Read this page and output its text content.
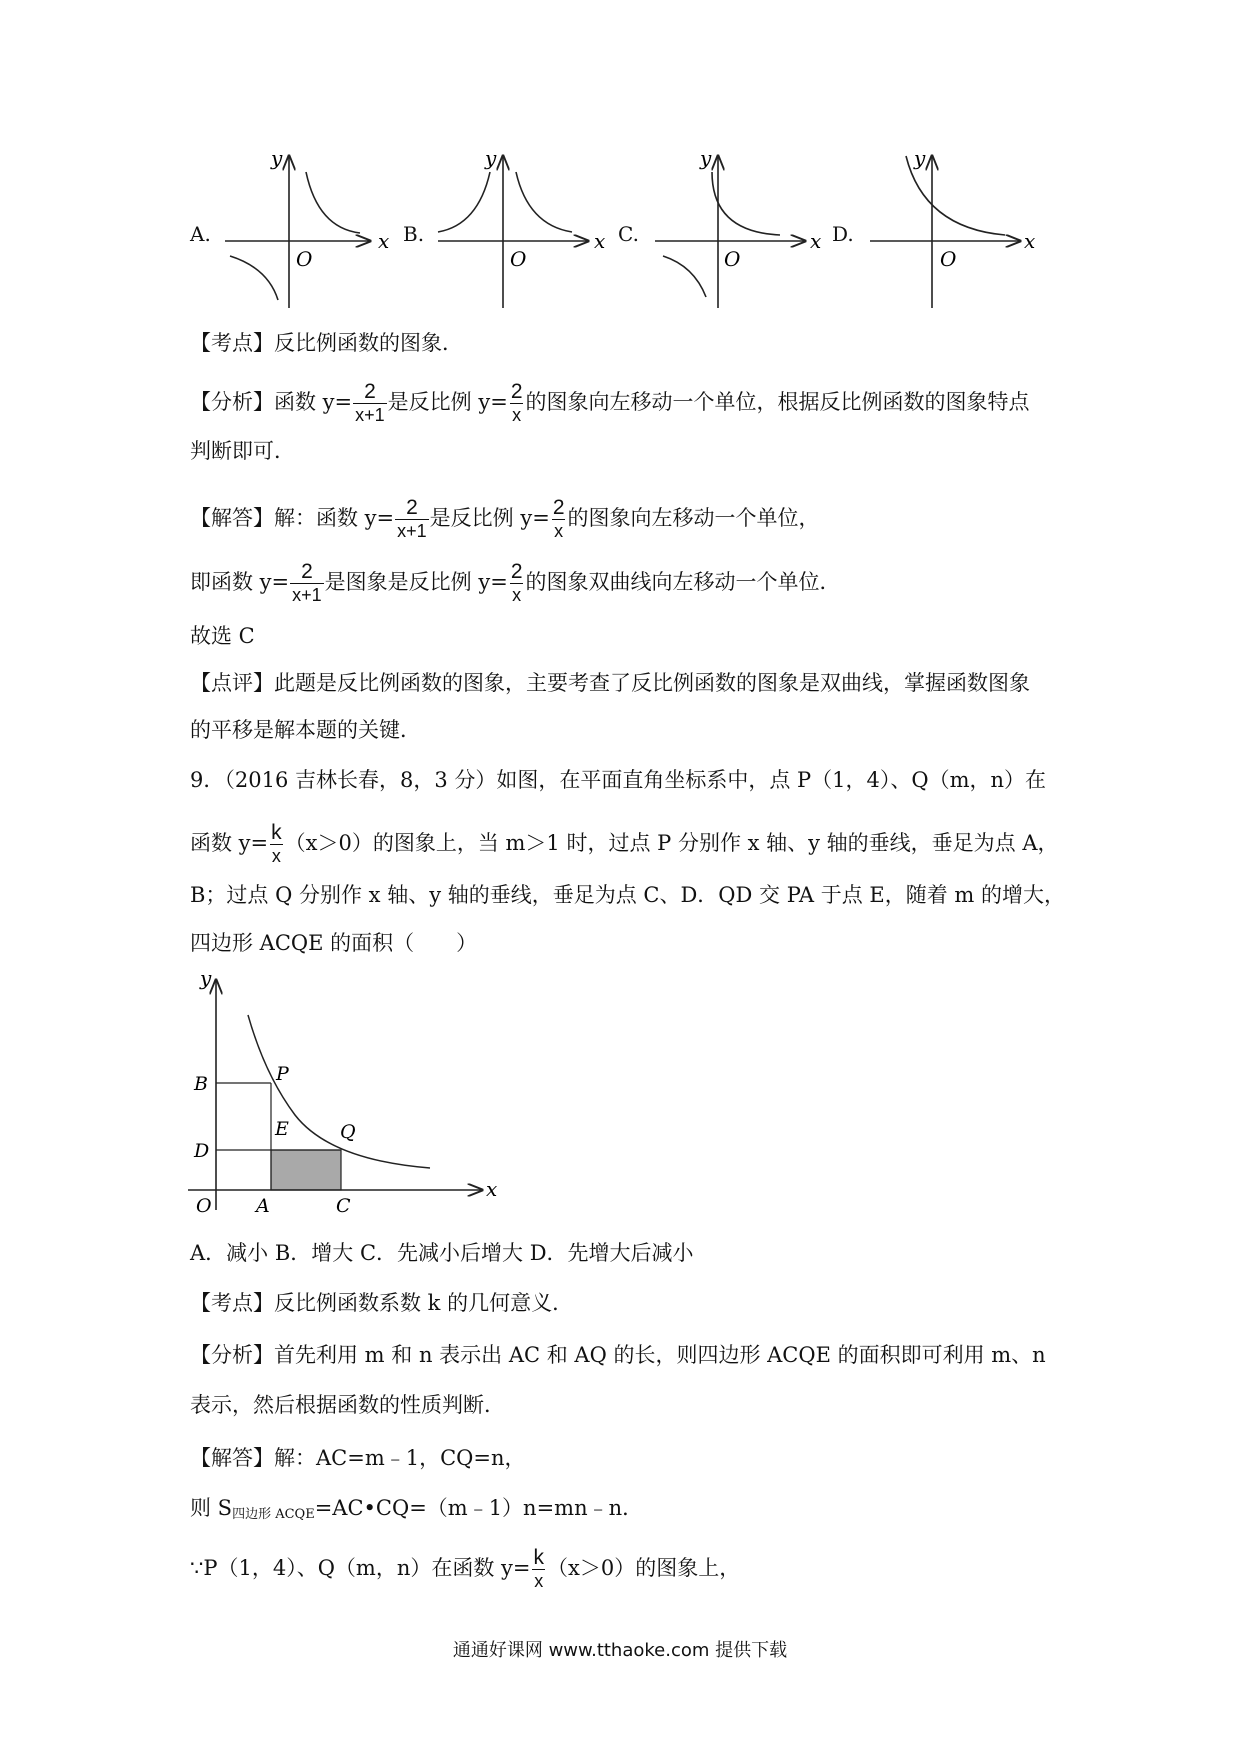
A.	B.	C.	D.
y
x
O
y
x
O
y
x
O
y
x
O
【考点】反比例函数的图象．
【分析】函数 $y= \frac{2}{x+1}$ 是反比例 $y= \frac{2}{x}$ 的图象向左移动一个单位，根据反比例函数的图象特点
判断即可．
【解答】解：函数 $y= \frac{2}{x+1}$ 是反比例 $y= \frac{2}{x}$ 的图象向左移动一个单位，
即函数 $y= \frac{2}{x+1}$ 是图象是反比例 $y= \frac{2}{x}$ 的图象双曲线向左移动一个单位．
故选 C
【点评】此题是反比例函数的图象，主要考查了反比例函数的图象是双曲线，掌握函数图象
的平移是解本题的关键．
9．（2016 吉林长春，8，3 分）如图，在平面直角坐标系中，点 P（1，4）、Q（m，n）在
函数 $y= \frac{k}{x} (x>0)$的图象上，当 m＞1 时，过点 P 分别作 x 轴、y 轴的垂线，垂足为点 A，
B；过点 Q 分别作 x 轴、y 轴的垂线，垂足为点 C、D．QD 交 PA 于点 E，随着 m 的增大，
四边形 ACQE 的面积（　　）
y
x
B	P
E	Q
D
O A	C
A．减小 B．增大 C．先减小后增大 D．先增大后减小
【考点】反比例函数系数 k 的几何意义．
【分析】首先利用 m 和 n 表示出 AC 和 AQ 的长，则四边形 ACQE 的面积即可利用 m、n
表示，然后根据函数的性质判断．
【解答】解：AC=m﹣1，CQ=n，
则 $S_{四边形 ACQE}=AC•CQ=(m﹣1)n=mn﹣n$．
∵P（1，4）、Q（m，n）在函数 $y= \frac{k}{x} (x>0)$的图象上，
通通好课网 www.tthaoke.com 提供下载
